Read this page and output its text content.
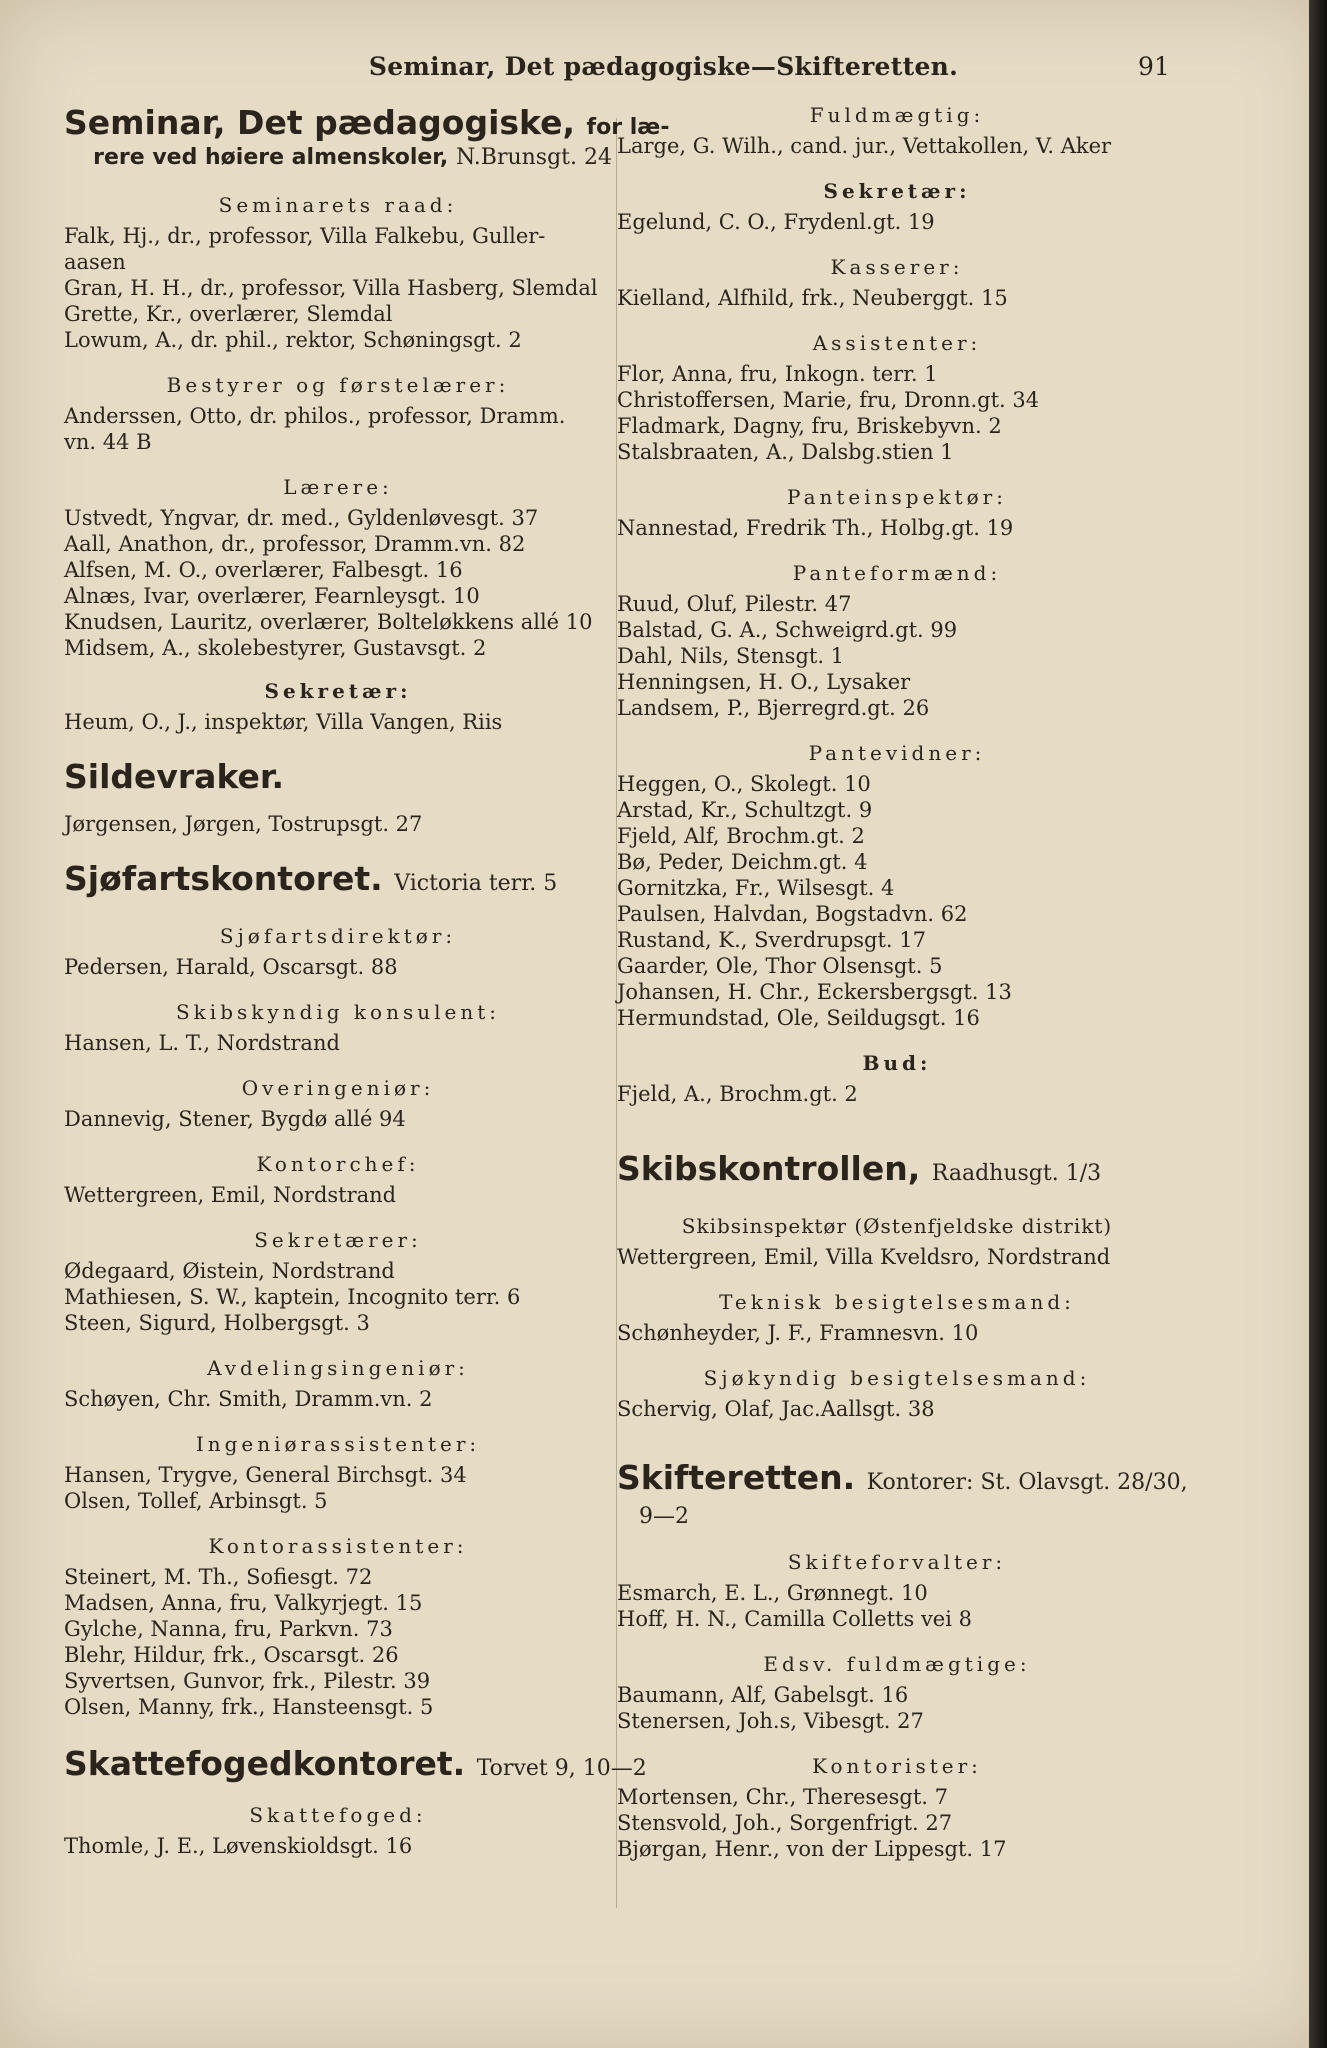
Seminar, Det pædagogiske—Skifteretten.	91
Seminar, Det pædagogiske, for læ-
rere ved høiere almenskoler, N.Brunsgt. 24
Seminarets raad:
Falk, Hj., dr., professor, Villa Falkebu, Guller-
aasen
Gran, H. H., dr., professor, Villa Hasberg, Slemdal
Grette, Kr., overlærer, Slemdal
Lowum, A., dr. phil., rektor, Schøningsgt. 2
Bestyrer og førstelærer:
Anderssen, Otto, dr. philos., professor, Dramm.
vn. 44 B
Lærere:
Ustvedt, Yngvar, dr. med., Gyldenløvesgt. 37
Aall, Anathon, dr., professor, Dramm.vn. 82
Alfsen, M. O., overlærer, Falbesgt. 16
Alnæs, Ivar, overlærer, Fearnleysgt. 10
Knudsen, Lauritz, overlærer, Bolteløkkens allé 10
Midsem, A., skolebestyrer, Gustavsgt. 2
Sekretær:
Heum, O., J., inspektør, Villa Vangen, Riis
Sildevraker.
Jørgensen, Jørgen, Tostrupsgt. 27
Sjøfartskontoret. Victoria terr. 5
Sjøfartsdirektør:
Pedersen, Harald, Oscarsgt. 88
Skibskyndig konsulent:
Hansen, L. T., Nordstrand
Overingeniør:
Dannevig, Stener, Bygdø allé 94
Kontorchef:
Wettergreen, Emil, Nordstrand
Sekretærer:
Ødegaard, Øistein, Nordstrand
Mathiesen, S. W., kaptein, Incognito terr. 6
Steen, Sigurd, Holbergsgt. 3
Avdelingsingeniør:
Schøyen, Chr. Smith, Dramm.vn. 2
Ingeniørassistenter:
Hansen, Trygve, General Birchsgt. 34
Olsen, Tollef, Arbinsgt. 5
Kontorassistenter:
Steinert, M. Th., Sofiesgt. 72
Madsen, Anna, fru, Valkyrjegt. 15
Gylche, Nanna, fru, Parkvn. 73
Blehr, Hildur, frk., Oscarsgt. 26
Syvertsen, Gunvor, frk., Pilestr. 39
Olsen, Manny, frk., Hansteensgt. 5
Skattefogedkontoret. Torvet 9, 10—2
Skattefoged:
Thomle, J. E., Løvenskioldsgt. 16
Fuldmægtig:
Large, G. Wilh., cand. jur., Vettakollen, V. Aker
Sekretær:
Egelund, C. O., Frydenl.gt. 19
Kasserer:
Kielland, Alfhild, frk., Neuberggt. 15
Assistenter:
Flor, Anna, fru, Inkogn. terr. 1
Christoffersen, Marie, fru, Dronn.gt. 34
Fladmark, Dagny, fru, Briskebyvn. 2
Stalsbraaten, A., Dalsbg.stien 1
Panteinspektør:
Nannestad, Fredrik Th., Holbg.gt. 19
Panteformænd:
Ruud, Oluf, Pilestr. 47
Balstad, G. A., Schweigrd.gt. 99
Dahl, Nils, Stensgt. 1
Henningsen, H. O., Lysaker
Landsem, P., Bjerregrd.gt. 26
Pantevidner:
Heggen, O., Skolegt. 10
Arstad, Kr., Schultzgt. 9
Fjeld, Alf, Brochm.gt. 2
Bø, Peder, Deichm.gt. 4
Gornitzka, Fr., Wilsesgt. 4
Paulsen, Halvdan, Bogstadvn. 62
Rustand, K., Sverdrupsgt. 17
Gaarder, Ole, Thor Olsensgt. 5
Johansen, H. Chr., Eckersbergsgt. 13
Hermundstad, Ole, Seildugsgt. 16
Bud:
Fjeld, A., Brochm.gt. 2
Skibskontrollen, Raadhusgt. 1/3
Skibsinspektør (Østenfjeldske distrikt)
Wettergreen, Emil, Villa Kveldsro, Nordstrand
Teknisk besigtelsesmand:
Schønheyder, J. F., Framnesvn. 10
Sjøkyndig besigtelsesmand:
Schervig, Olaf, Jac.Aallsgt. 38
Skifteretten. Kontorer: St. Olavsgt. 28/30,
9—2
Skifteforvalter:
Esmarch, E. L., Grønnegt. 10
Hoff, H. N., Camilla Colletts vei 8
Edsv. fuldmægtige:
Baumann, Alf, Gabelsgt. 16
Stenersen, Joh.s, Vibesgt. 27
Kontorister:
Mortensen, Chr., Theresesgt. 7
Stensvold, Joh., Sorgenfrigt. 27
Bjørgan, Henr., von der Lippesgt. 17
